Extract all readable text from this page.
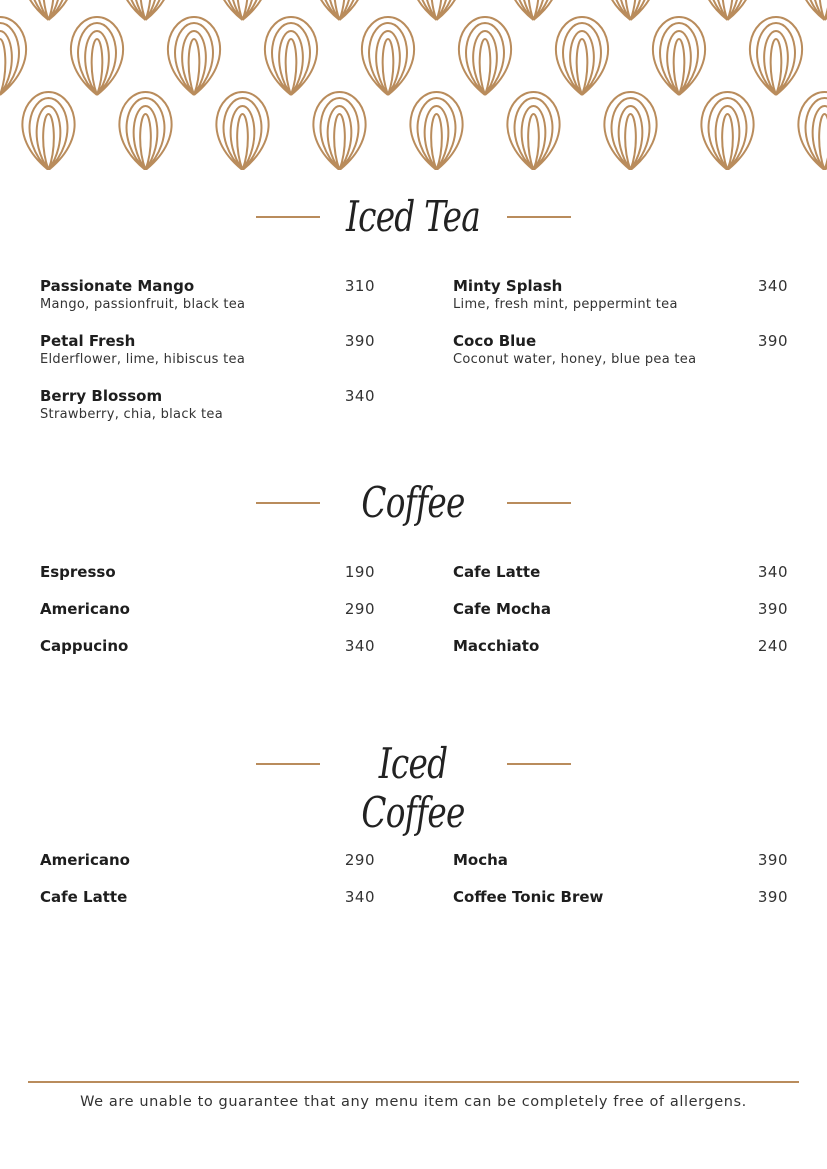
Iced Tea
Passionate Mango	310
Mango, passionfruit, black tea
Minty Splash	340
Lime, fresh mint, peppermint tea
Petal Fresh	390
Elderflower, lime, hibiscus tea
Coco Blue	390
Coconut water, honey, blue pea tea
Berry Blossom	340
Strawberry, chia, black tea
Coffee
Espresso	190	Cafe Latte	340
Americano	290	Cafe Mocha	390
Cappucino	340	Macchiato	240
Iced Coffee
Americano	290	Mocha	390
Cafe Latte	340	Coffee Tonic Brew	390
We are unable to guarantee that any menu item can be completely free of allergens.
